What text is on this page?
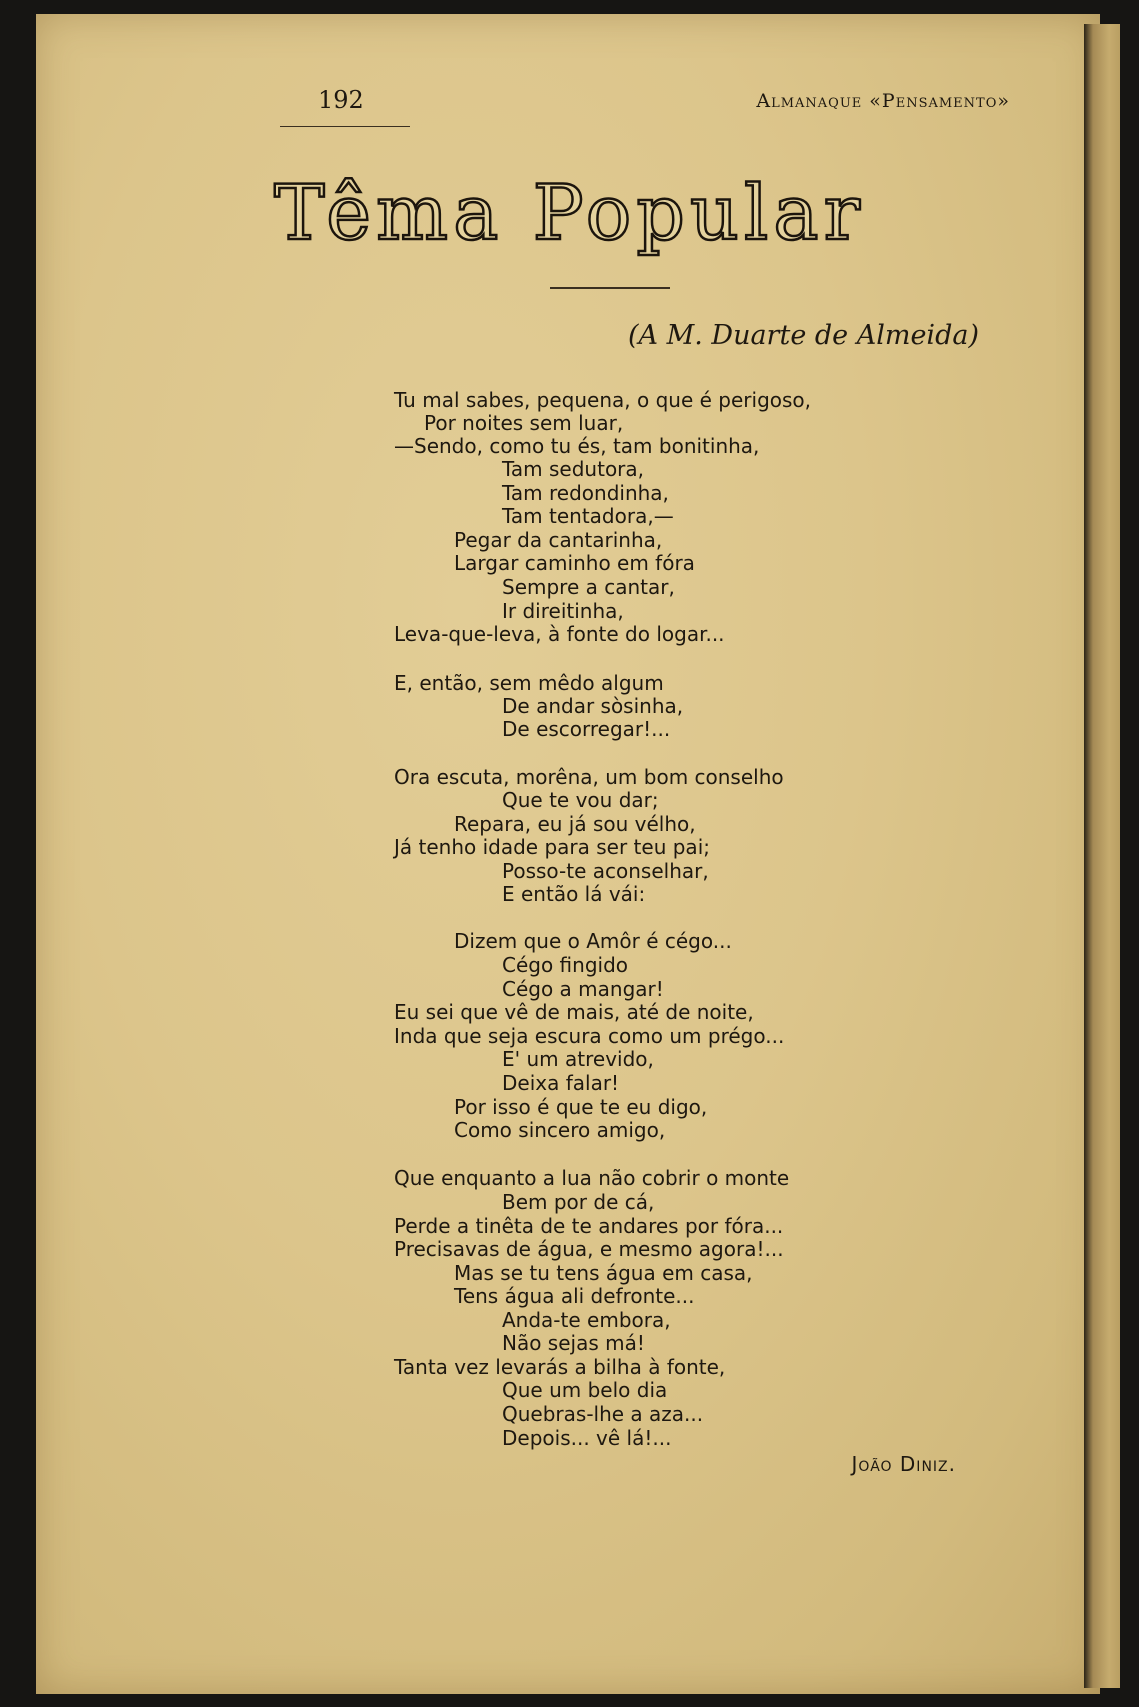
192	Almanaque «Pensamento»
Têma Popular
(A M. Duarte de Almeida)
Tu mal sabes, pequena, o que é perigoso,
Por noites sem luar,
—Sendo, como tu és, tam bonitinha,
Tam sedutora,
Tam redondinha,
Tam tentadora,—
Pegar da cantarinha,
Largar caminho em fóra
Sempre a cantar,
Ir direitinha,
Leva-que-leva, à fonte do logar...
E, então, sem mêdo algum
De andar sòsinha,
De escorregar!...
Ora escuta, morêna, um bom conselho
Que te vou dar;
Repara, eu já sou vélho,
Já tenho idade para ser teu pai;
Posso-te aconselhar,
E então lá vái:
Dizem que o Amôr é cégo...
Cégo fingido
Cégo a mangar!
Eu sei que vê de mais, até de noite,
Inda que seja escura como um prégo...
E' um atrevido,
Deixa falar!
Por isso é que te eu digo,
Como sincero amigo,
Que enquanto a lua não cobrir o monte
Bem por de cá,
Perde a tinêta de te andares por fóra...
Precisavas de água, e mesmo agora!...
Mas se tu tens água em casa,
Tens água ali defronte...
Anda-te embora,
Não sejas má!
Tanta vez levarás a bilha à fonte,
Que um belo dia
Quebras-lhe a aza...
Depois... vê lá!...
João Diniz.
